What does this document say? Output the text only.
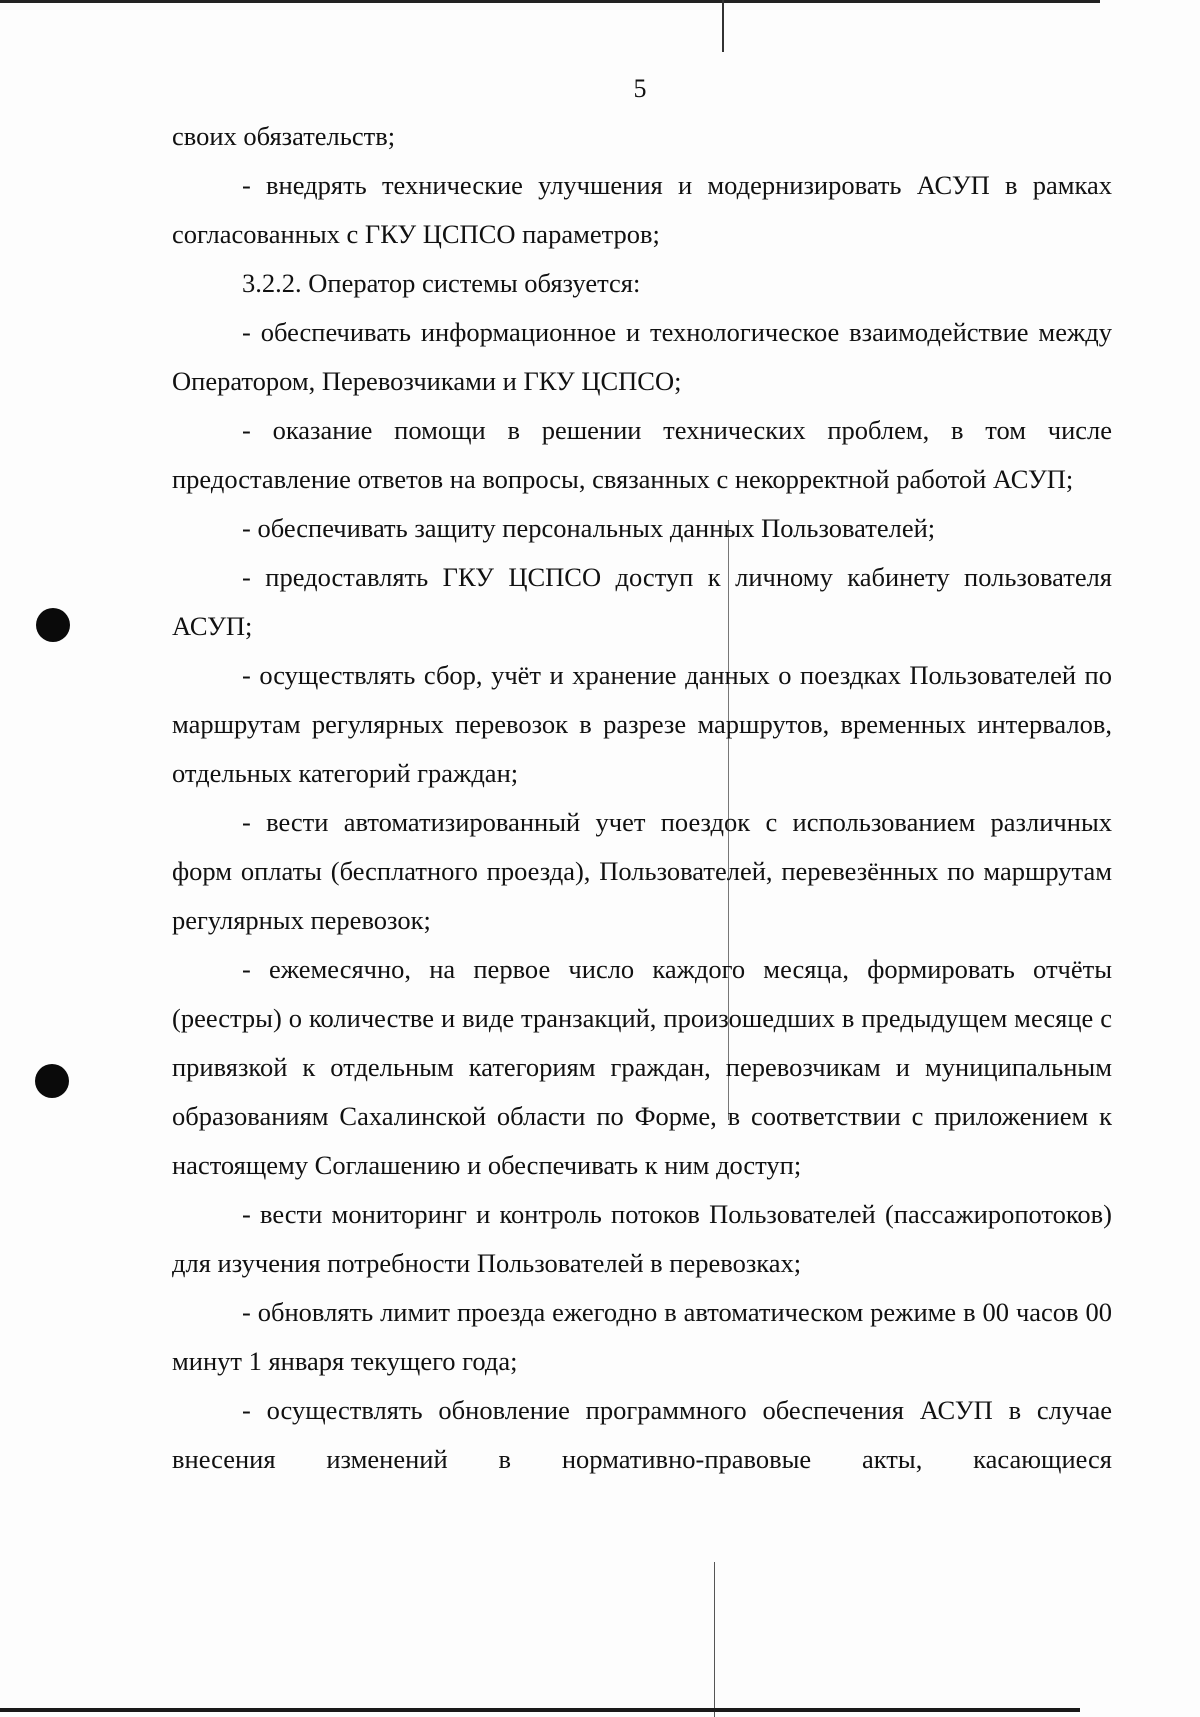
5

своих обязательств;

- внедрять технические улучшения и модернизировать АСУП в рамках согласованных с ГКУ ЦСПСО параметров;

3.2.2. Оператор системы обязуется:

- обеспечивать информационное и технологическое взаимодействие между Оператором, Перевозчиками и ГКУ ЦСПСО;

- оказание помощи в решении технических проблем, в том числе предоставление ответов на вопросы, связанных с некорректной работой АСУП;

- обеспечивать защиту персональных данных Пользователей;

- предоставлять ГКУ ЦСПСО доступ к личному кабинету пользователя АСУП;

- осуществлять сбор, учёт и хранение данных о поездках Пользователей по маршрутам регулярных перевозок в разрезе маршрутов, временных интервалов, отдельных категорий граждан;

- вести автоматизированный учет поездок с использованием различных форм оплаты (бесплатного проезда), Пользователей, перевезённых по маршрутам регулярных перевозок;

- ежемесячно, на первое число каждого месяца, формировать отчёты (реестры) о количестве и виде транзакций, произошедших в предыдущем месяце с привязкой к отдельным категориям граждан, перевозчикам и муниципальным образованиям Сахалинской области по Форме, в соответствии с приложением к настоящему Соглашению и обеспечивать к ним доступ;

- вести мониторинг и контроль потоков Пользователей (пассажиропотоков) для изучения потребности Пользователей в перевозках;

- обновлять лимит проезда ежегодно в автоматическом режиме в 00 часов 00 минут 1 января текущего года;

- осуществлять обновление программного обеспечения АСУП в случае внесения изменений в нормативно-правовые акты, касающиеся
